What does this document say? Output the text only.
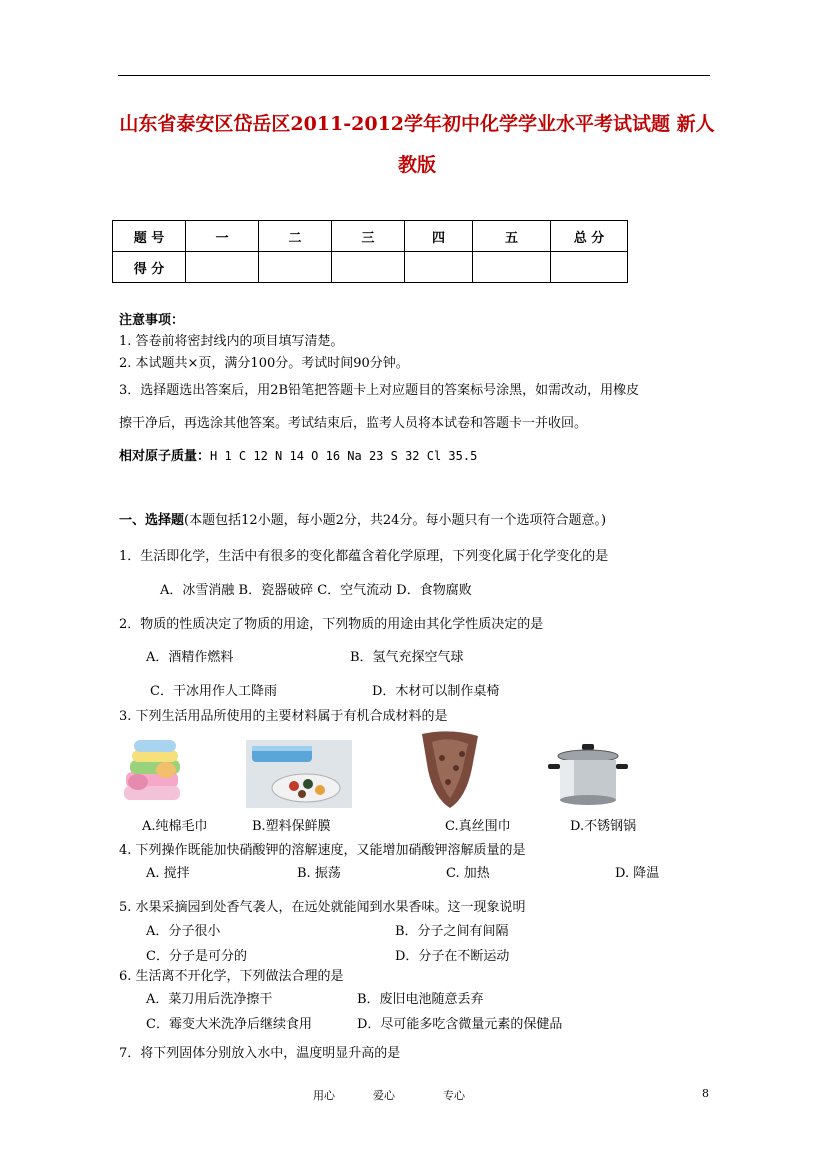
山东省泰安区岱岳区2011-2012学年初中化学学业水平考试试题 新人
教版
题 号	一	二	三	四	五	总 分
得 分						
注意事项：
1. 答卷前将密封线内的项目填写清楚。
2. 本试题共×页，满分100分。考试时间90分钟。
3．选择题选出答案后，用2B铅笔把答题卡上对应题目的答案标号涂黑，如需改动，用橡皮
擦干净后，再选涂其他答案。考试结束后，监考人员将本试卷和答题卡一并收回。
相对原子质量：H 1 C 12 N 14 O 16 Na 23 S 32 Cl 35.5
一、选择题(本题包括12小题，每小题2分，共24分。每小题只有一个选项符合题意。)
1．生活即化学，生活中有很多的变化都蕴含着化学原理，下列变化属于化学变化的是
A．冰雪消融 B．瓷器破碎 C．空气流动 D．食物腐败
2．物质的性质决定了物质的用途，下列物质的用途由其化学性质决定的是
A．酒精作燃料	B．氢气充探空气球
C．干冰用作人工降雨	D．木材可以制作桌椅
3. 下列生活用品所使用的主要材料属于有机合成材料的是
A.纯棉毛巾	B.塑料保鲜膜	C.真丝围巾	D.不锈钢锅
4. 下列操作既能加快硝酸钾的溶解速度，又能增加硝酸钾溶解质量的是
A. 搅拌	B. 振荡	C. 加热	D. 降温
5. 水果采摘园到处香气袭人，在远处就能闻到水果香味。这一现象说明
A．分子很小	B．分子之间有间隔
C．分子是可分的	D．分子在不断运动
6. 生活离不开化学，下列做法合理的是
A．菜刀用后洗净擦干	B．废旧电池随意丢弃
C．霉变大米洗净后继续食用	D．尽可能多吃含微量元素的保健品
7．将下列固体分别放入水中，温度明显升高的是
用心	爱心	专心	8
